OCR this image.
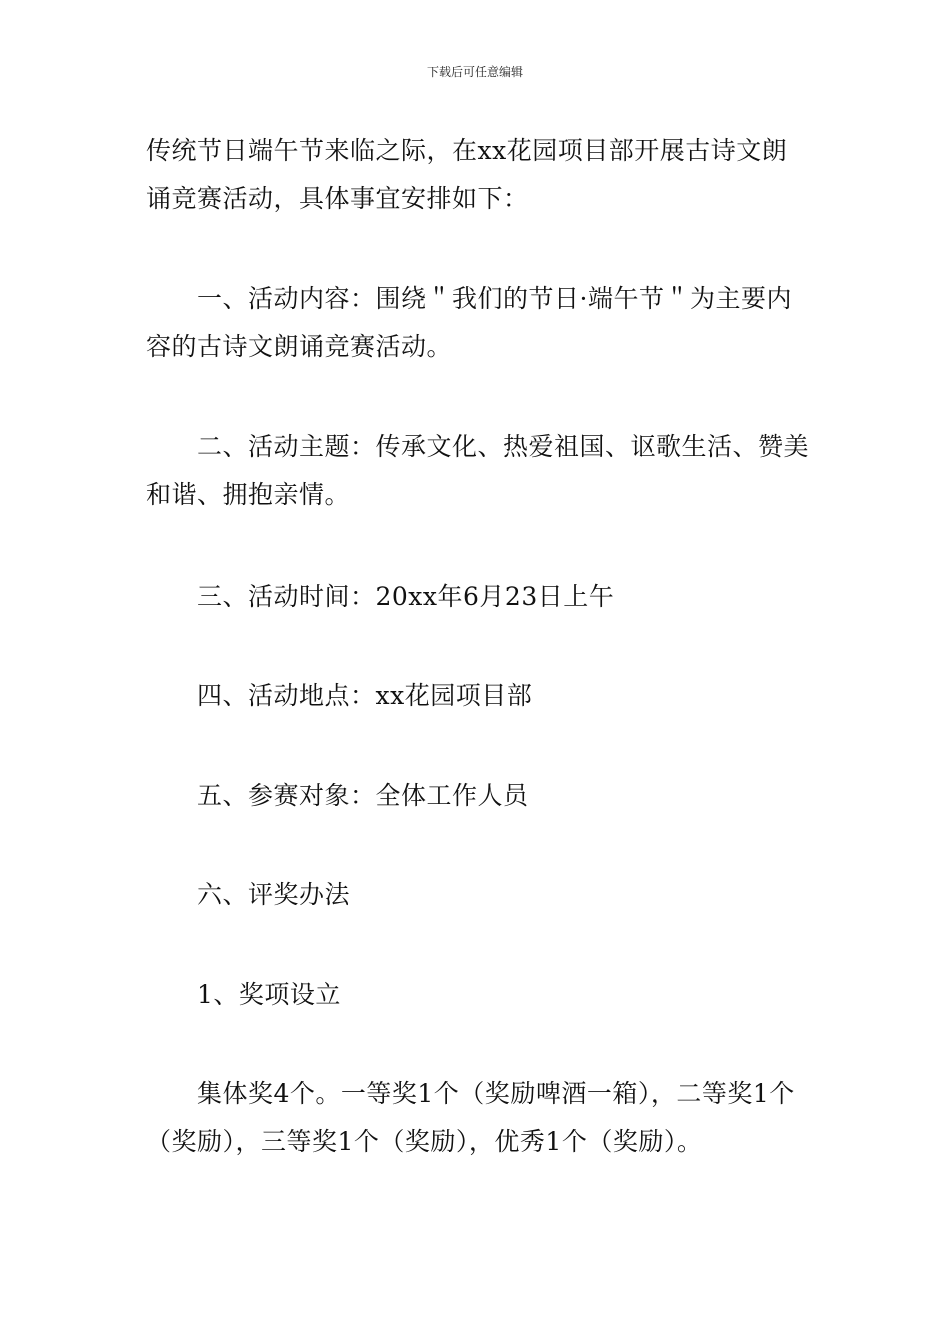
下载后可任意编辑

传统节日端午节来临之际，在xx花园项目部开展古诗文朗诵竞赛活动，具体事宜安排如下：

一、活动内容：围绕＂我们的节日·端午节＂为主要内容的古诗文朗诵竞赛活动。

二、活动主题：传承文化、热爱祖国、讴歌生活、赞美和谐、拥抱亲情。

三、活动时间：20xx年6月23日上午

四、活动地点：xx花园项目部

五、参赛对象：全体工作人员

六、评奖办法

1、奖项设立

集体奖4个。一等奖1个（奖励啤酒一箱），二等奖1个（奖励），三等奖1个（奖励），优秀1个（奖励）。
